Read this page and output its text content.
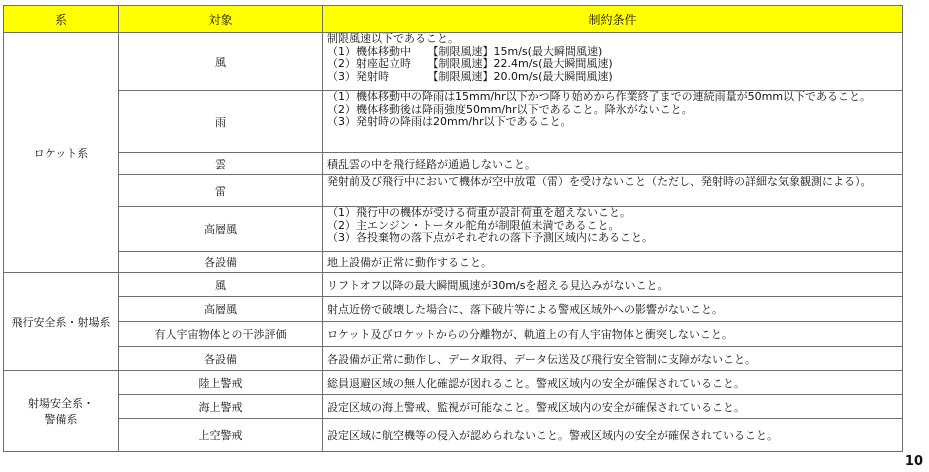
系	対象	制約条件
ロケット系	風	制限風速以下であること。
（1）機体移動中　　【制限風速】15m/s(最大瞬間風速)
（2）射座起立時　　【制限風速】22.4m/s(最大瞬間風速)
（3）発射時　　　　【制限風速】20.0m/s(最大瞬間風速)

	雨	（1）機体移動中の降雨は15mm/hr以下かつ降り始めから作業終了までの連続雨量が50mm以下であること。
（2）機体移動後は降雨強度50mm/hr以下であること。降氷がないこと。
（3）発射時の降雨は20mm/hr以下であること。

	雲	積乱雲の中を飛行経路が通過しないこと。
	雷	発射前及び飛行中において機体が空中放電（雷）を受けないこと（ただし、発射時の詳細な気象観測による）。
	高層風	（1）飛行中の機体が受ける荷重が設計荷重を超えないこと。
（2）主エンジン・トータル舵角が制限値未満であること。
（3）各投棄物の落下点がそれぞれの落下予測区域内にあること。

	各設備	地上設備が正常に動作すること。
飛行安全系・射場系	風	リフトオフ以降の最大瞬間風速が30m/sを超える見込みがないこと。
	高層風	射点近傍で破壊した場合に、落下破片等による警戒区域外への影響がないこと。
	有人宇宙物体との干渉評価	ロケット及びロケットからの分離物が、軌道上の有人宇宙物体と衝突しないこと。
	各設備	各設備が正常に動作し、データ取得、データ伝送及び飛行安全管制に支障がないこと。

射場安全系・
警備系	陸上警戒	総員退避区域の無人化確認が図れること。警戒区域内の安全が確保されていること。
	海上警戒	設定区域の海上警戒、監視が可能なこと。警戒区域内の安全が確保されていること。
	上空警戒	設定区域に航空機等の侵入が認められないこと。警戒区域内の安全が確保されていること。
10
